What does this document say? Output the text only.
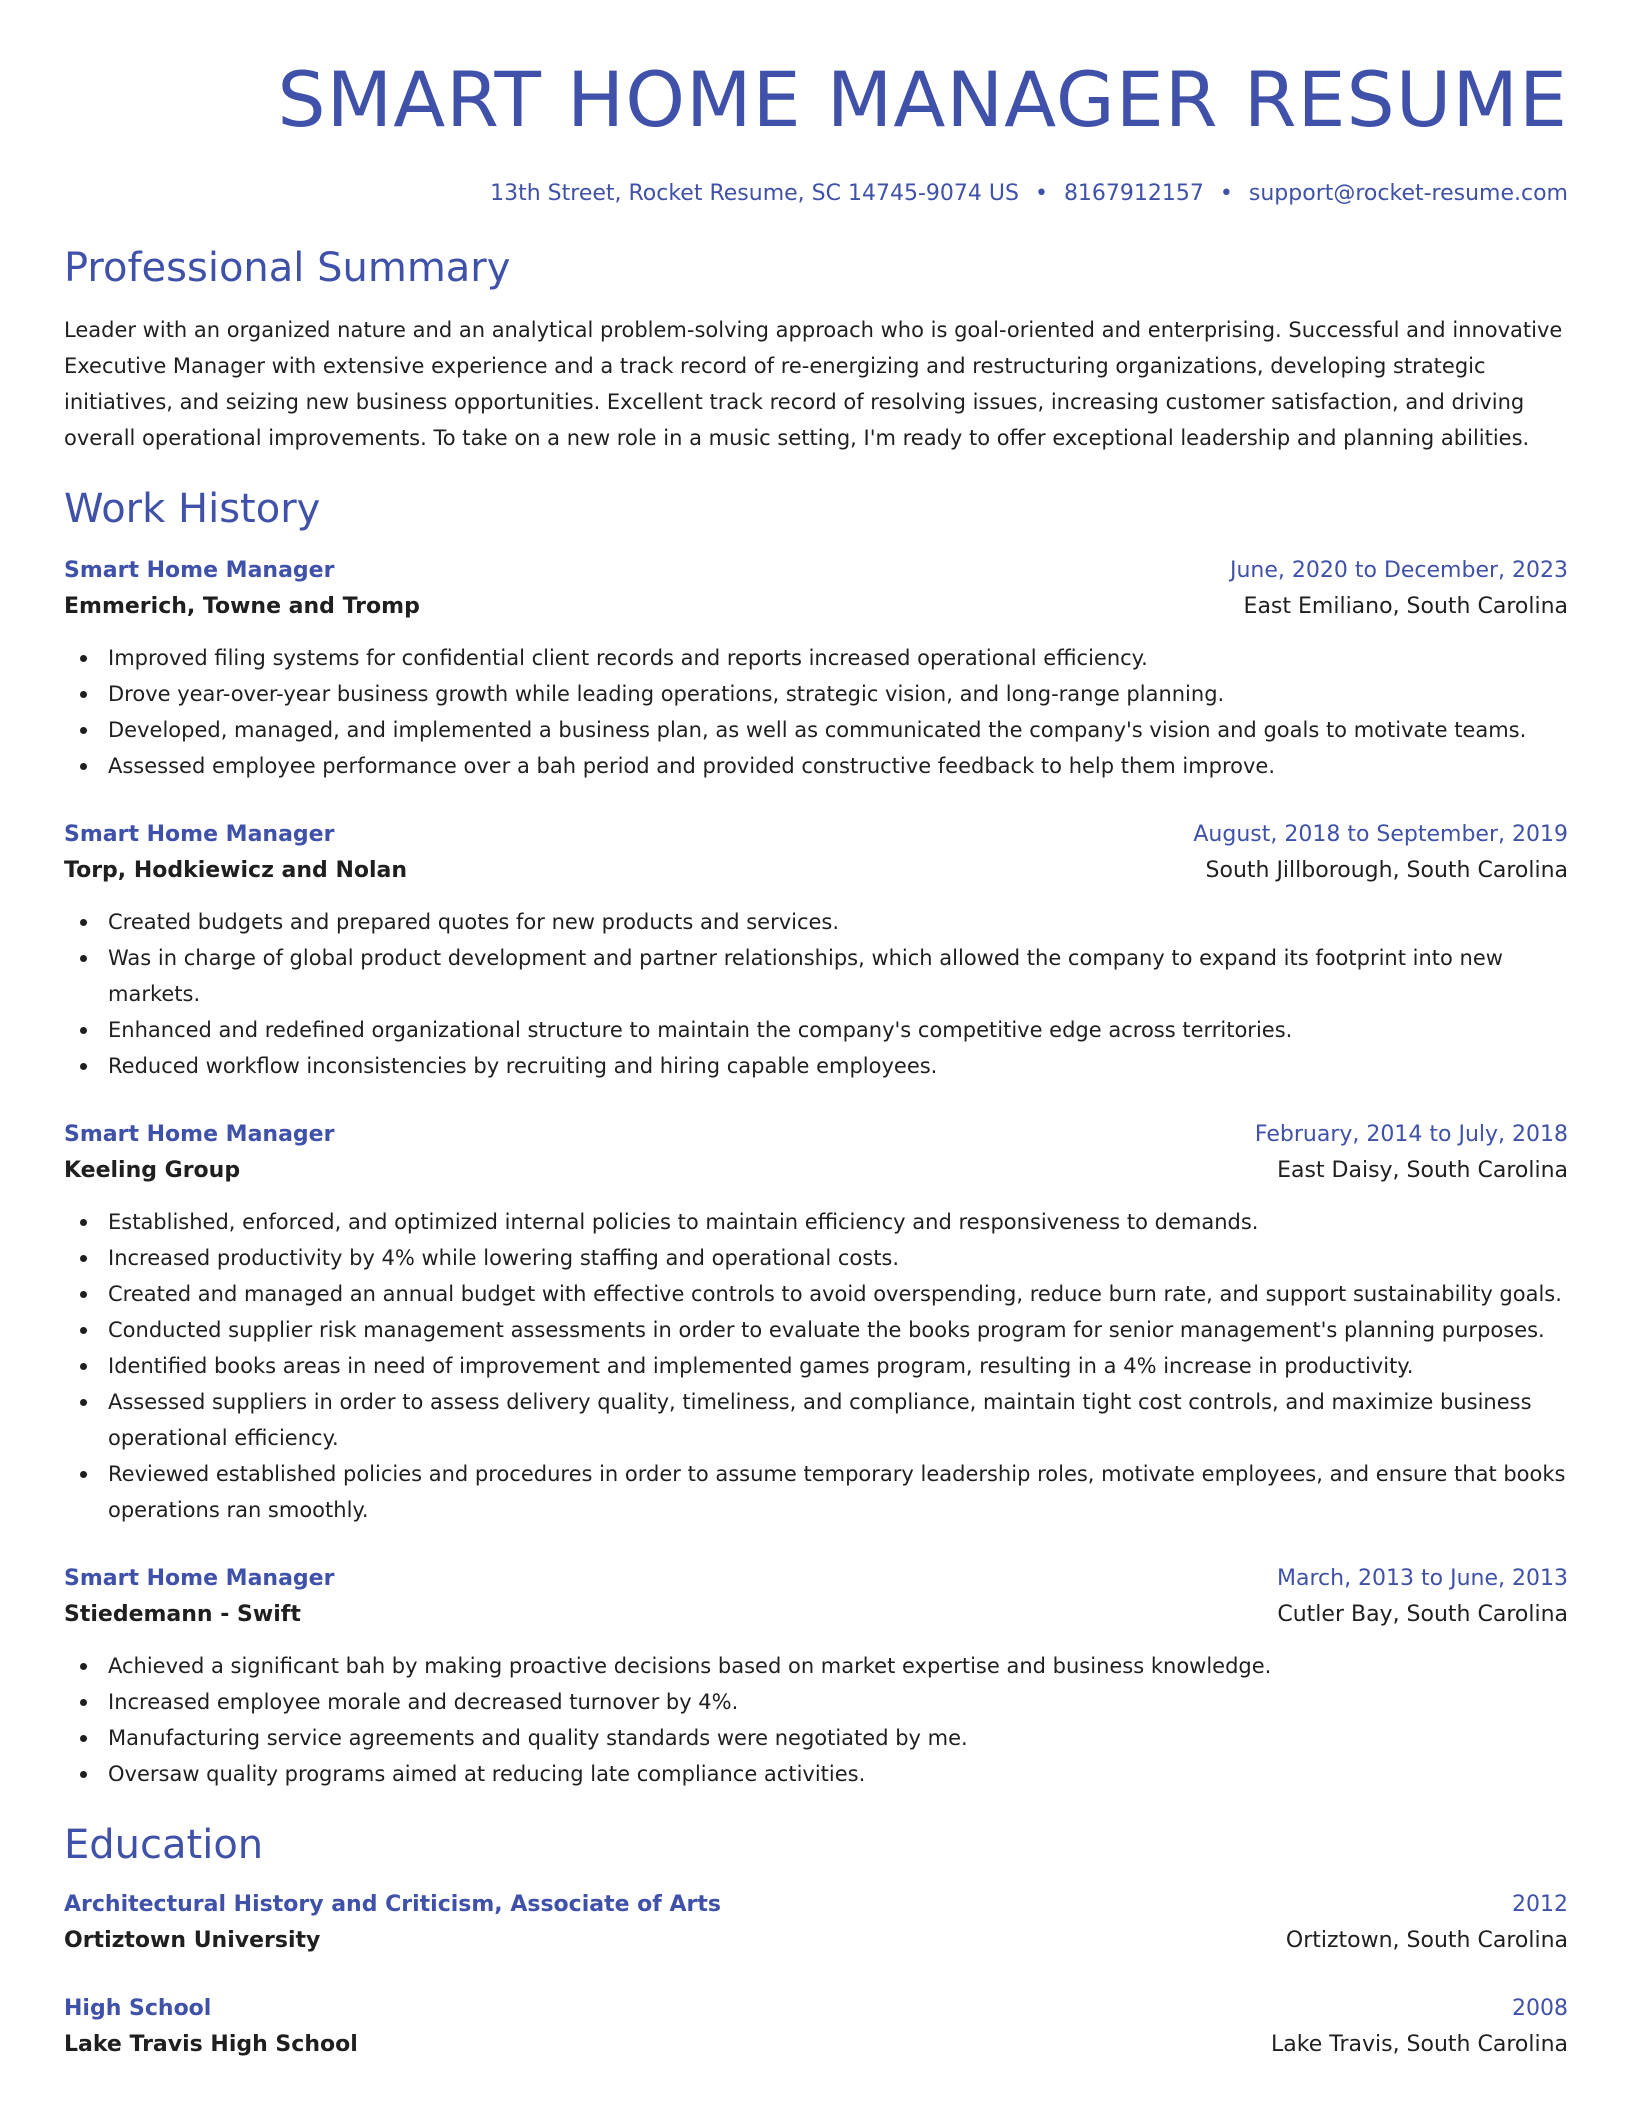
SMART HOME MANAGER RESUME
13th Street, Rocket Resume, SC 14745-9074 US • 8167912157 • support@rocket-resume.com
Professional Summary

Leader with an organized nature and an analytical problem-solving approach who is goal-oriented and enterprising. Successful and innovative Executive Manager with extensive experience and a track record of re-energizing and restructuring organizations, developing strategic initiatives, and seizing new business opportunities. Excellent track record of resolving issues, increasing customer satisfaction, and driving overall operational improvements. To take on a new role in a music setting, I'm ready to offer exceptional leadership and planning abilities.

Work History
Smart Home Manager	June, 2020 to December, 2023
Emmerich, Towne and Tromp	East Emiliano, South Carolina
Improved filing systems for confidential client records and reports increased operational efficiency.
Drove year-over-year business growth while leading operations, strategic vision, and long-range planning.
Developed, managed, and implemented a business plan, as well as communicated the company's vision and goals to motivate teams.
Assessed employee performance over a bah period and provided constructive feedback to help them improve.
Smart Home Manager	August, 2018 to September, 2019
Torp, Hodkiewicz and Nolan	South Jillborough, South Carolina
Created budgets and prepared quotes for new products and services.
Was in charge of global product development and partner relationships, which allowed the company to expand its footprint into new markets.
Enhanced and redefined organizational structure to maintain the company's competitive edge across territories.
Reduced workflow inconsistencies by recruiting and hiring capable employees.
Smart Home Manager	February, 2014 to July, 2018
Keeling Group	East Daisy, South Carolina
Established, enforced, and optimized internal policies to maintain efficiency and responsiveness to demands.
Increased productivity by 4% while lowering staffing and operational costs.
Created and managed an annual budget with effective controls to avoid overspending, reduce burn rate, and support sustainability goals.
Conducted supplier risk management assessments in order to evaluate the books program for senior management's planning purposes.
Identified books areas in need of improvement and implemented games program, resulting in a 4% increase in productivity.
Assessed suppliers in order to assess delivery quality, timeliness, and compliance, maintain tight cost controls, and maximize business operational efficiency.
Reviewed established policies and procedures in order to assume temporary leadership roles, motivate employees, and ensure that books operations ran smoothly.
Smart Home Manager	March, 2013 to June, 2013
Stiedemann - Swift	Cutler Bay, South Carolina
Achieved a significant bah by making proactive decisions based on market expertise and business knowledge.
Increased employee morale and decreased turnover by 4%.
Manufacturing service agreements and quality standards were negotiated by me.
Oversaw quality programs aimed at reducing late compliance activities.
Education
Architectural History and Criticism, Associate of Arts	2012
Ortiztown University	Ortiztown, South Carolina
High School	2008
Lake Travis High School	Lake Travis, South Carolina
